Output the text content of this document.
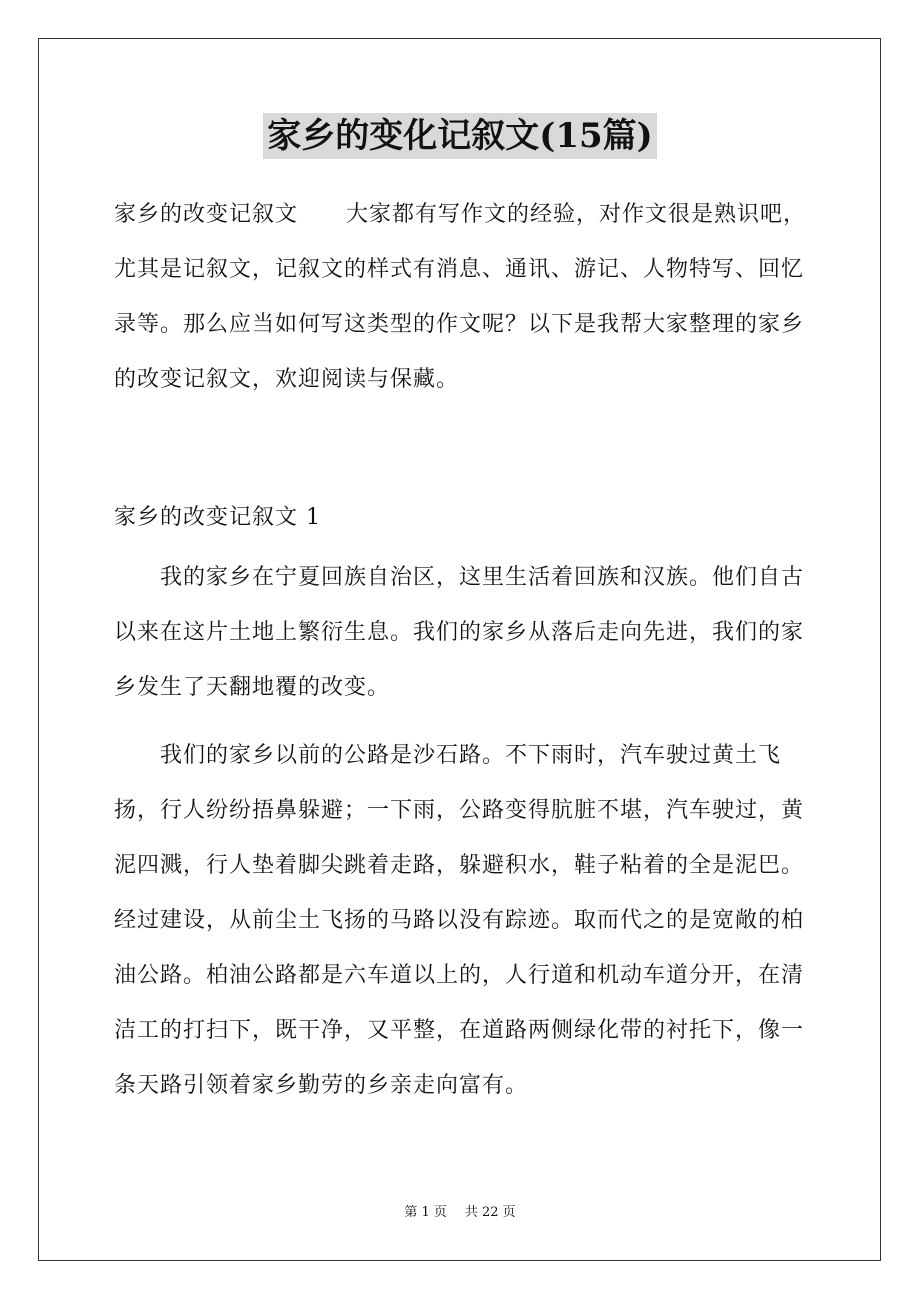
家乡的变化记叙文(15篇)

家乡的改变记叙文 大家都有写作文的经验，对作文很是熟识吧，尤其是记叙文，记叙文的样式有消息、通讯、游记、人物特写、回忆录等。那么应当如何写这类型的作文呢？以下是我帮大家整理的家乡的改变记叙文，欢迎阅读与保藏。

家乡的改变记叙文 1

我的家乡在宁夏回族自治区，这里生活着回族和汉族。他们自古以来在这片土地上繁衍生息。我们的家乡从落后走向先进，我们的家乡发生了天翻地覆的改变。

我们的家乡以前的公路是沙石路。不下雨时，汽车驶过黄土飞扬，行人纷纷捂鼻躲避；一下雨，公路变得肮脏不堪，汽车驶过，黄泥四溅，行人垫着脚尖跳着走路，躲避积水，鞋子粘着的全是泥巴。经过建设，从前尘土飞扬的马路以没有踪迹。取而代之的是宽敞的柏油公路。柏油公路都是六车道以上的，人行道和机动车道分开，在清洁工的打扫下，既干净，又平整，在道路两侧绿化带的衬托下，像一条天路引领着家乡勤劳的乡亲走向富有。

第 1 页 共 22 页
